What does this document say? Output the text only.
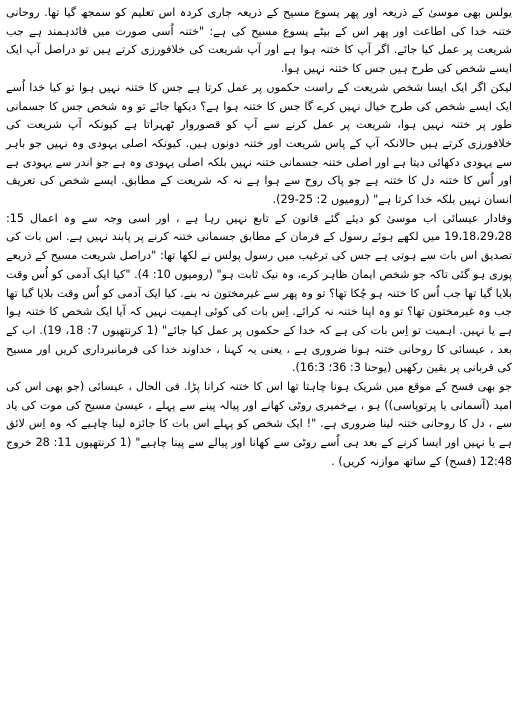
یولس بھی موسیٰ کے ذریعہ اور پھر یسوع مسیح کے ذریعہ جاری کردہ اس تعلیم کو سمجھ گیا تھا. روحانی ختنہ خدا کی اطاعت اور پھر اس کے بیٹے یسوع مسیح کی ہے: "ختنہ اُسی صورت میں فائدہمند ہے جب شریعت پر عمل کیا جائے. اگر آپ کا ختنہ ہوا ہے اور آپ شریعت کی خلافورزی کرتے ہیں تو دراصل آپ ایک ایسے شخص کی طرح ہیں جس کا ختنہ نہیں ہوا.

لیکن اگر ایک ایسا شخص شریعت کے راست حکموں پر عمل کرتا ہے جس کا ختنہ نہیں ہوا تو کیا خدا اُسے ایک ایسے شخص کی طرح خیال نہیں کرے گا جس کا ختنہ ہوا ہے؟ دیکھا جائے تو وہ شخص جس کا جسمانی طور پر ختنہ نہیں ہوا، شریعت پر عمل کرنے سے آپ کو قصوروار ٹھہراتا ہے کیونکہ آپ شریعت کی خلافورزی کرتے ہیں حالانکہ آپ کے پاس شریعت اور ختنہ دونوں ہیں. کیونکہ اصلی یہودی وہ نہیں جو باہر سے یہودی دکھائی دیتا ہے اور اصلی ختنہ جسمانی ختنہ نہیں بلکہ اصلی یہودی وہ ہے جو اندر سے یہودی ہے اور اُس کا ختنہ دل کا ختنہ ہے جو پاک روح سے ہوا ہے نہ کہ شریعت کے مطابق. ایسے شخص کی تعریف انسان نہیں بلکہ خدا کرتا ہے" (رومیوں 2: 25-29).

وفادار عیسائی اب موسیٰ کو دیئے گئے قانون کے تابع نہیں رہا ہے ، اور اسی وجہ سے وہ اعمال 15: 19،18،29،28 میں لکھے ہوئے رسول کے فرمان کے مطابق جسمانی ختنہ کرنے پر پابند نہیں ہے. اس بات کی تصدیق اس بات سے ہوتی ہے جس کی ترغیب میں رسول پولس نے لکھا تھا: "دراصل شریعت مسیح کے ذریعے پوری ہو گئی تاکہ جو شخص ایمان ظاہر کرے، وہ نیک ثابت ہو" (رومیوں 10: 4). "کیا ایک آدمی کو اُس وقت بلایا گیا تھا جب اُس کا ختنہ ہو چُکا تھا؟ تو وہ پھر سے غیرمختون نہ بنے. کیا ایک آدمی کو اُس وقت بلایا گیا تھا جب وہ غیرمختون تھا؟ تو وہ اپنا ختنہ نہ کرائے. اِس بات کی کوئی اہمیت نہیں کہ آیا ایک شخص کا ختنہ ہوا ہے یا نہیں. اہمیت تو اِس بات کی ہے کہ خدا کے حکموں پر عمل کیا جائے" (1 کرنتھیوں 7: 18، 19). اب کے بعد ، عیسائی کا روحانی ختنہ ہونا ضروری ہے ، یعنی یہ کہنا ، خداوند خدا کی فرمانبرداری کریں اور مسیح کی قربانی پر یقین رکھیں (یوحنا 3: 36؛ 16:3).

جو بھی فسح کے موقع میں شریک ہونا چاہتا تھا اس کا ختنہ کرانا پڑا. فی الحال ، عیسائی (جو بھی اس کی امید (آسمانی یا پرتوپاسی)) ہو ، بےخمیری روٹی کھانے اور پیالہ پینے سے پہلے ، عیسیٰ مسیح کی موت کی یاد سے ، دل کا روحانی ختنہ لینا ضروری ہے. "! ایک شخص کو پہلے اس بات کا جائزہ لینا چاہیے کہ وہ اِس لائق ہے یا نہیں اور ایسا کرنے کے بعد ہی اُسے روٹی سے کھانا اور پیالے سے پینا چاہیے" (1 کرنتھیوں 11: 28 خروج 12:48 (فسح) کے ساتھ موازنہ کریں) .
